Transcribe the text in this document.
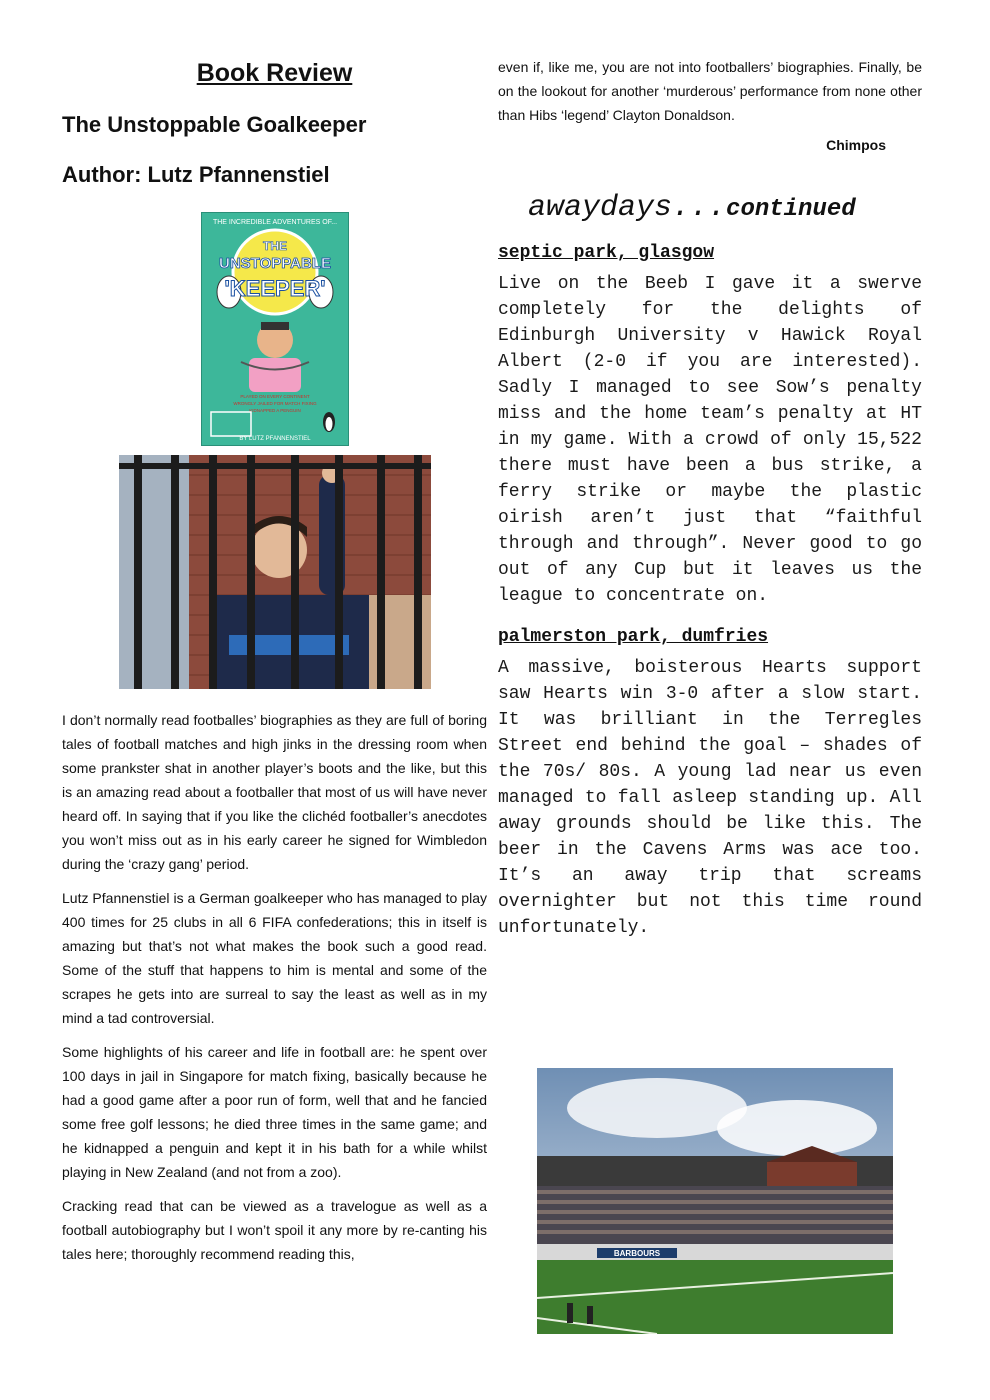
Book Review
The Unstoppable Goalkeeper
Author: Lutz Pfannenstiel
THE INCREDIBLE ADVENTURES OF...
THE
UNSTOPPABLE
'KEEPER'
PLAYED ON EVERY CONTINENT
WRONGLY JAILED FOR MATCH FIXING
KIDNAPPED A PENGUIN
BY LUTZ PFANNENSTIEL

I don’t normally read footballes’ biographies as they are full of boring tales of football matches and high jinks in the dressing room when some prankster shat in another player’s boots and the like, but this is an amazing read about a footballer that most of us will have never heard off. In saying that if you like the clichéd footballer’s anecdotes you won’t miss out as in his early career he signed for Wimbledon during the ‘crazy gang’ period.

Lutz Pfannenstiel is a German goalkeeper who has managed to play 400 times for 25 clubs in all 6 FIFA confederations; this in itself is amazing but that’s not what makes the book such a good read. Some of the stuff that happens to him is mental and some of the scrapes he gets into are surreal to say the least as well as in my mind a tad controversial.

Some highlights of his career and life in football are: he spent over 100 days in jail in Singapore for match fixing, basically because he had a good game after a poor run of form, well that and he fancied some free golf lessons; he died three times in the same game; and he kidnapped a penguin and kept it in his bath for a while whilst playing in New Zealand (and not from a zoo).

Cracking read that can be viewed as a travelogue as well as a football autobiography but I won’t spoil it any more by re-canting his tales here; thoroughly recommend reading this,

even if, like me, you are not into footballers’ biographies. Finally, be on the lookout for another ‘murderous’ performance from none other than Hibs ‘legend’ Clayton Donaldson.

Chimpos
awaydays...continued
septic park, glasgow

Live on the Beeb I gave it a swerve completely for the delights of Edinburgh University v Hawick Royal Albert (2-0 if you are interested). Sadly I managed to see Sow’s penalty miss and the home team’s penalty at HT in my game. With a crowd of only 15,522 there must have been a bus strike, a ferry strike or maybe the plastic oirish aren’t just that “faithful through and through”. Never good to go out of any Cup but it leaves us the league to concentrate on.

palmerston park, dumfries

A massive, boisterous Hearts support saw Hearts win 3-0 after a slow start. It was brilliant in the Terregles Street end behind the goal – shades of the 70s/ 80s. A young lad near us even managed to fall asleep standing up. All away grounds should be like this. The beer in the Cavens Arms was ace too. It’s an away trip that screams overnighter but not this time round unfortunately.

BARBOURS
